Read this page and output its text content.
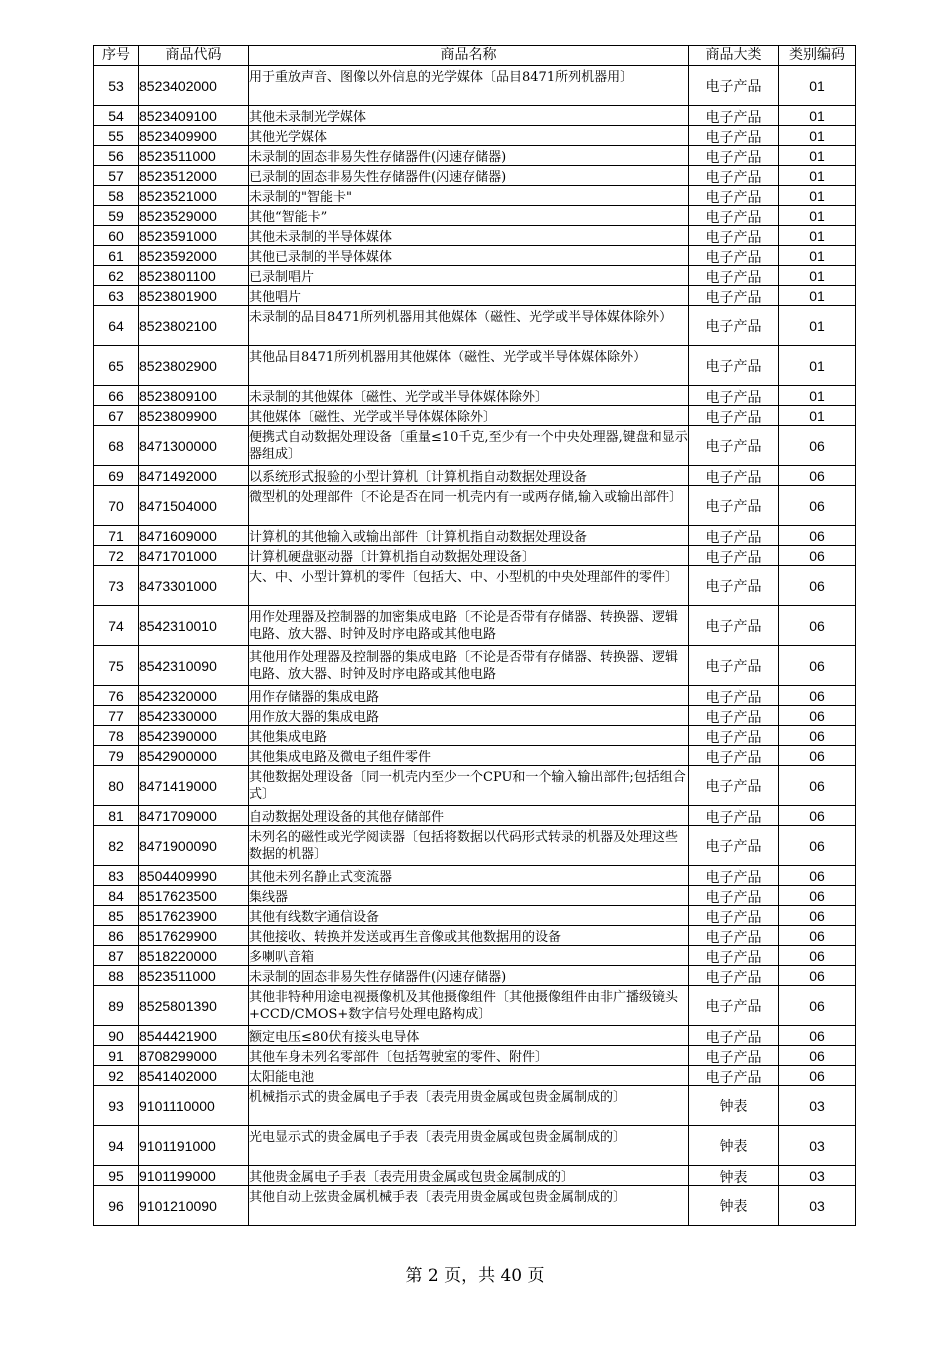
序号	商品代码	商品名称	商品大类	类别编码
53	8523402000	用于重放声音、图像以外信息的光学媒体〔品目8471所列机器用〕	电子产品	01
54	8523409100	其他未录制光学媒体	电子产品	01
55	8523409900	其他光学媒体	电子产品	01
56	8523511000	未录制的固态非易失性存储器件(闪速存储器)	电子产品	01
57	8523512000	已录制的固态非易失性存储器件(闪速存储器)	电子产品	01
58	8523521000	未录制的"智能卡"	电子产品	01
59	8523529000	其他“智能卡”	电子产品	01
60	8523591000	其他未录制的半导体媒体	电子产品	01
61	8523592000	其他已录制的半导体媒体	电子产品	01
62	8523801100	已录制唱片	电子产品	01
63	8523801900	其他唱片	电子产品	01
64	8523802100	未录制的品目8471所列机器用其他媒体（磁性、光学或半导体媒体除外）	电子产品	01
65	8523802900	其他品目8471所列机器用其他媒体（磁性、光学或半导体媒体除外）	电子产品	01
66	8523809100	未录制的其他媒体〔磁性、光学或半导体媒体除外〕	电子产品	01
67	8523809900	其他媒体〔磁性、光学或半导体媒体除外〕	电子产品	01
68	8471300000	便携式自动数据处理设备〔重量≤10千克,至少有一个中央处理器,键盘和显示器组成〕	电子产品	06
69	8471492000	以系统形式报验的小型计算机〔计算机指自动数据处理设备	电子产品	06
70	8471504000	微型机的处理部件〔不论是否在同一机壳内有一或两存储,输入或输出部件〕	电子产品	06
71	8471609000	计算机的其他输入或输出部件〔计算机指自动数据处理设备	电子产品	06
72	8471701000	计算机硬盘驱动器〔计算机指自动数据处理设备〕	电子产品	06
73	8473301000	大、中、小型计算机的零件〔包括大、中、小型机的中央处理部件的零件〕	电子产品	06
74	8542310010	用作处理器及控制器的加密集成电路〔不论是否带有存储器、转换器、逻辑电路、放大器、时钟及时序电路或其他电路	电子产品	06
75	8542310090	其他用作处理器及控制器的集成电路〔不论是否带有存储器、转换器、逻辑电路、放大器、时钟及时序电路或其他电路	电子产品	06
76	8542320000	用作存储器的集成电路	电子产品	06
77	8542330000	用作放大器的集成电路	电子产品	06
78	8542390000	其他集成电路	电子产品	06
79	8542900000	其他集成电路及微电子组件零件	电子产品	06
80	8471419000	其他数据处理设备〔同一机壳内至少一个CPU和一个输入输出部件;包括组合式〕	电子产品	06
81	8471709000	自动数据处理设备的其他存储部件	电子产品	06
82	8471900090	未列名的磁性或光学阅读器〔包括将数据以代码形式转录的机器及处理这些数据的机器〕	电子产品	06
83	8504409990	其他未列名静止式变流器	电子产品	06
84	8517623500	集线器	电子产品	06
85	8517623900	其他有线数字通信设备	电子产品	06
86	8517629900	其他接收、转换并发送或再生音像或其他数据用的设备	电子产品	06
87	8518220000	多喇叭音箱	电子产品	06
88	8523511000	未录制的固态非易失性存储器件(闪速存储器)	电子产品	06
89	8525801390	其他非特种用途电视摄像机及其他摄像组件〔其他摄像组件由非广播级镜头+CCD/CMOS+数字信号处理电路构成〕	电子产品	06
90	8544421900	额定电压≤80伏有接头电导体	电子产品	06
91	8708299000	其他车身未列名零部件〔包括驾驶室的零件、附件〕	电子产品	06
92	8541402000	太阳能电池	电子产品	06
93	9101110000	机械指示式的贵金属电子手表〔表壳用贵金属或包贵金属制成的〕	钟表	03
94	9101191000	光电显示式的贵金属电子手表〔表壳用贵金属或包贵金属制成的〕	钟表	03
95	9101199000	其他贵金属电子手表〔表壳用贵金属或包贵金属制成的〕	钟表	03
96	9101210090	其他自动上弦贵金属机械手表〔表壳用贵金属或包贵金属制成的〕	钟表	03
第 2 页，共 40 页
